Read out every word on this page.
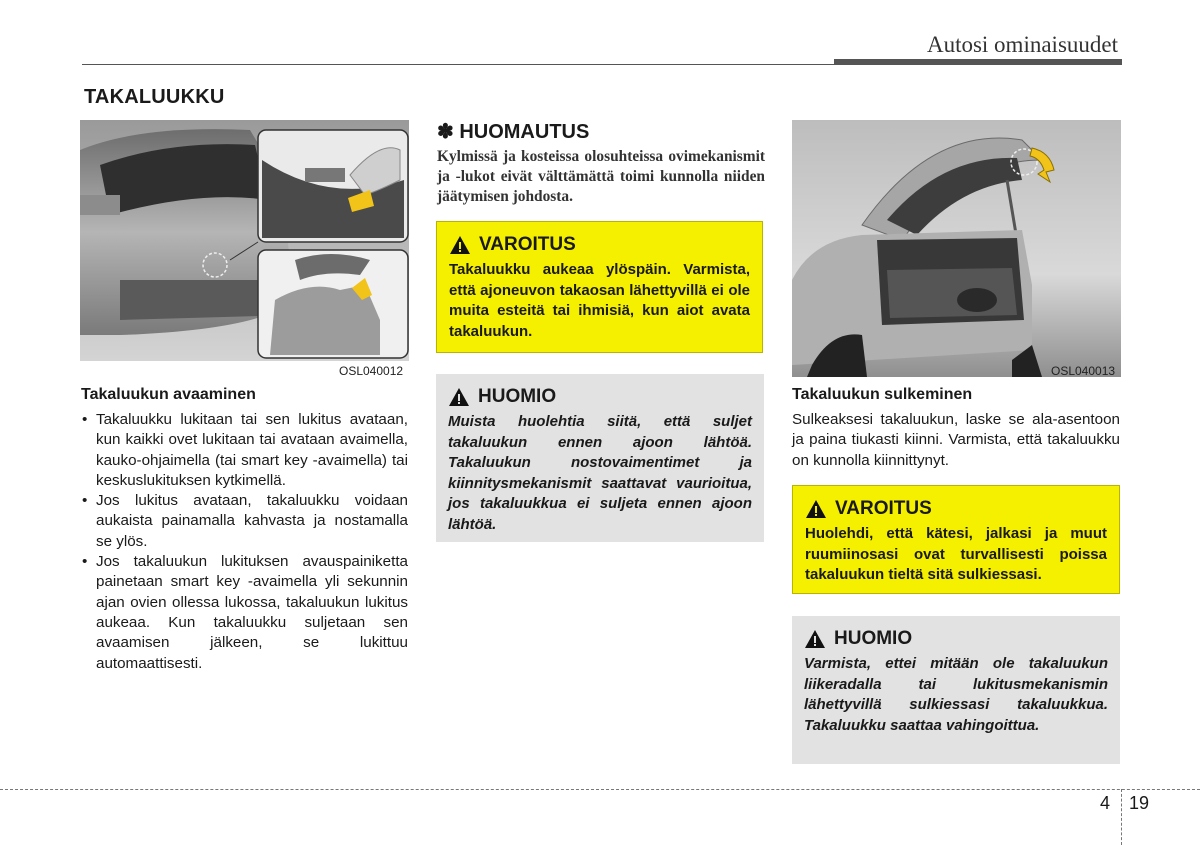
Autosi ominaisuudet
TAKALUUKKU
OSL040012
Takaluukun avaaminen
• Takaluukku lukitaan tai sen lukitus avataan, kun kaikki ovet lukitaan tai avataan avaimella, kauko-ohjaimella (tai smart key -avaimella) tai keskuslukituksen kytkimellä.
• Jos lukitus avataan, takaluukku voidaan aukaista painamalla kahvasta ja nostamalla se ylös.
• Jos takaluukun lukituksen avauspainiketta painetaan smart key -avaimella yli sekunnin ajan ovien ollessa lukossa, takaluukun lukitus aukeaa. Kun takaluukku suljetaan sen avaamisen jälkeen, se lukittuu automaattisesti.
✽ HUOMAUTUS
Kylmissä ja kosteissa olosuhteissa ovimekanismit ja -lukot eivät välttämättä toimi kunnolla niiden jäätymisen johdosta.
VAROITUS
Takaluukku aukeaa ylöspäin. Varmista, että ajoneuvon takaosan lähettyvillä ei ole muita esteitä tai ihmisiä, kun aiot avata takaluukun.
HUOMIO
Muista huolehtia siitä, että suljet takaluukun ennen ajoon lähtöä. Takaluukun nostovaimentimet ja kiinnitysmekanismit saattavat vaurioitua, jos takaluukkua ei suljeta ennen ajoon lähtöä.
OSL040013
Takaluukun sulkeminen
Sulkeaksesi takaluukun, laske se ala-asentoon ja paina tiukasti kiinni. Varmista, että takaluukku on kunnolla kiinnittynyt.
VAROITUS
Huolehdi, että kätesi, jalkasi ja muut ruumiinosasi ovat turvallisesti poissa takaluukun tieltä sitä sulkiessasi.
HUOMIO
Varmista, ettei mitään ole takaluukun liikeradalla tai lukitusmekanismin lähettyvillä sulkiessasi takaluukkua. Takaluukku saattaa vahingoittua.
4 19
